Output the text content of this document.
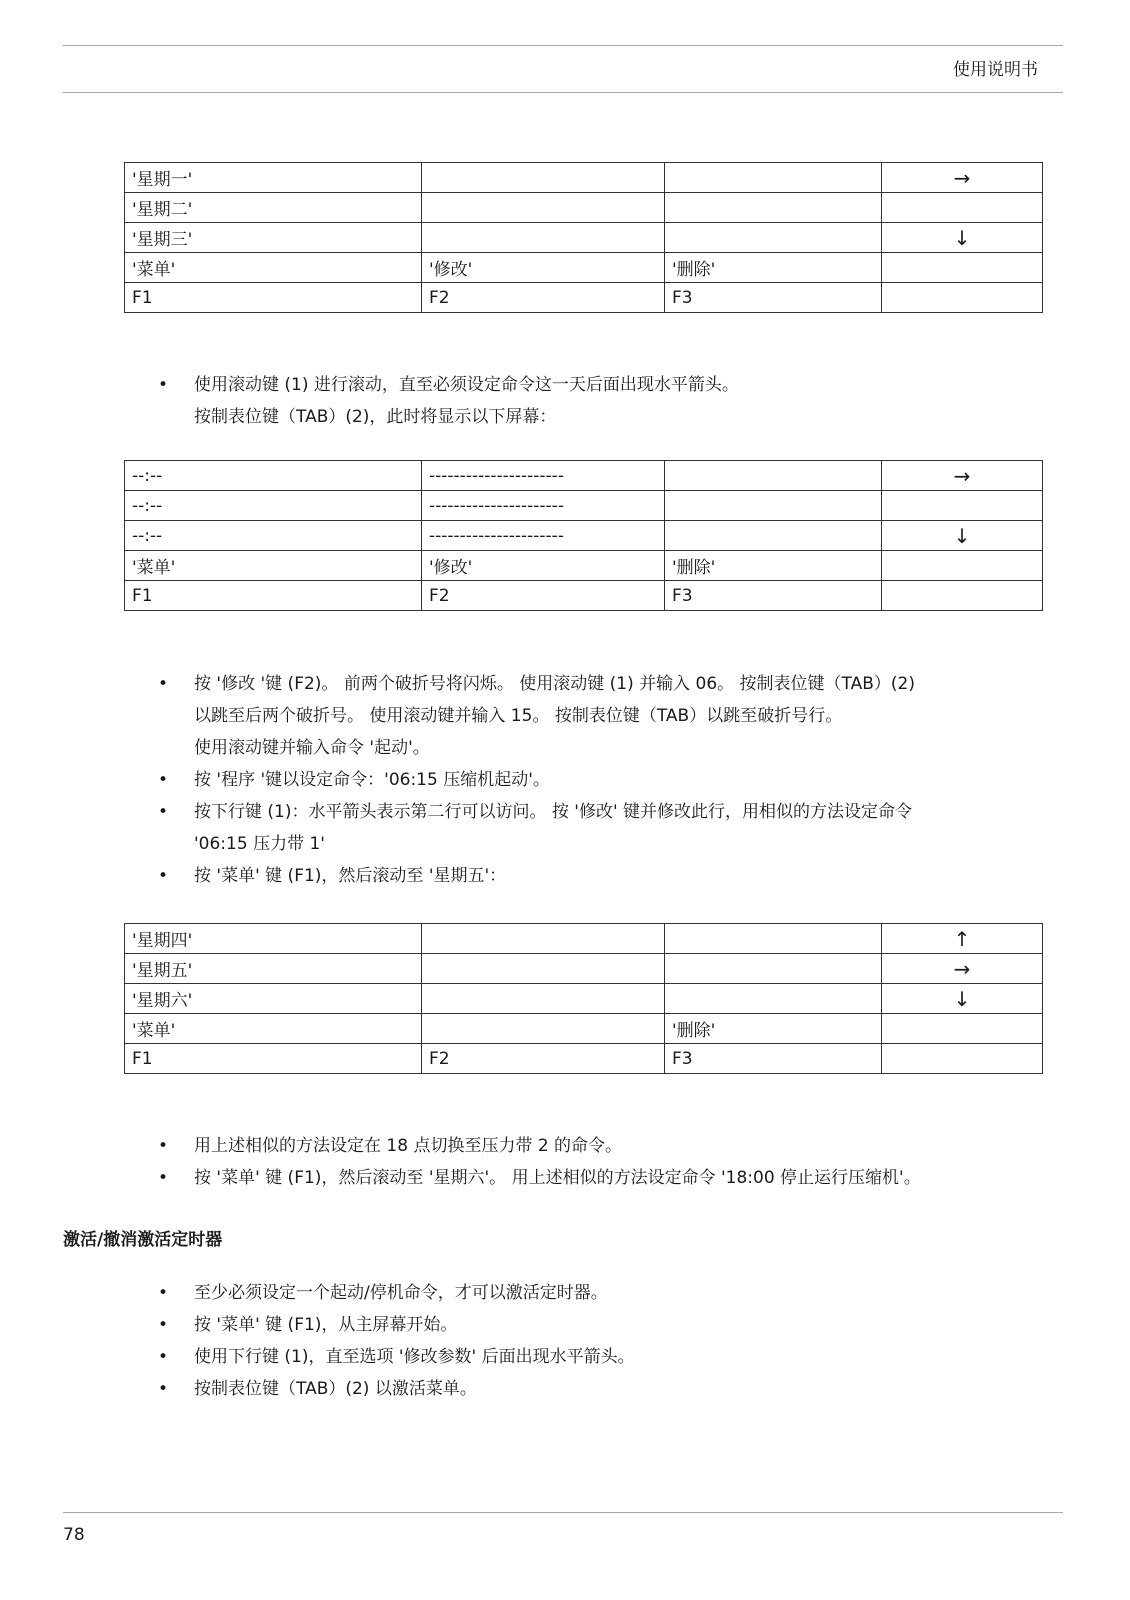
使用说明书
'星期一'			→
'星期二'			
'星期三'			↓
'菜单'	'修改'	'删除'	
F1	F2	F3	
• 使用滚动键 (1) 进行滚动，直至必须设定命令这一天后面出现水平箭头。
按制表位键（TAB）(2)，此时将显示以下屏幕：
--:--	----------------------		→
--:--	----------------------		
--:--	----------------------		↓
'菜单'	'修改'	'删除'	
F1	F2	F3	
• 按 '修改 '键 (F2)。 前两个破折号将闪烁。 使用滚动键 (1) 并输入 06。 按制表位键（TAB）(2)
以跳至后两个破折号。 使用滚动键并输入 15。 按制表位键（TAB）以跳至破折号行。
使用滚动键并输入命令 '起动'。
• 按 '程序 '键以设定命令：'06:15 压缩机起动'。
• 按下行键 (1)：水平箭头表示第二行可以访问。 按 '修改' 键并修改此行，用相似的方法设定命令
'06:15 压力带 1'
• 按 '菜单' 键 (F1)，然后滚动至 '星期五'：
'星期四'			↑
'星期五'			→
'星期六'			↓
'菜单'		'删除'	
F1	F2	F3	
• 用上述相似的方法设定在 18 点切换至压力带 2 的命令。
• 按 '菜单' 键 (F1)，然后滚动至 '星期六'。 用上述相似的方法设定命令 '18:00 停止运行压缩机'。
激活/撤消激活定时器
• 至少必须设定一个起动/停机命令，才可以激活定时器。
• 按 '菜单' 键 (F1)，从主屏幕开始。
• 使用下行键 (1)，直至选项 '修改参数' 后面出现水平箭头。
• 按制表位键（TAB）(2) 以激活菜单。
78
